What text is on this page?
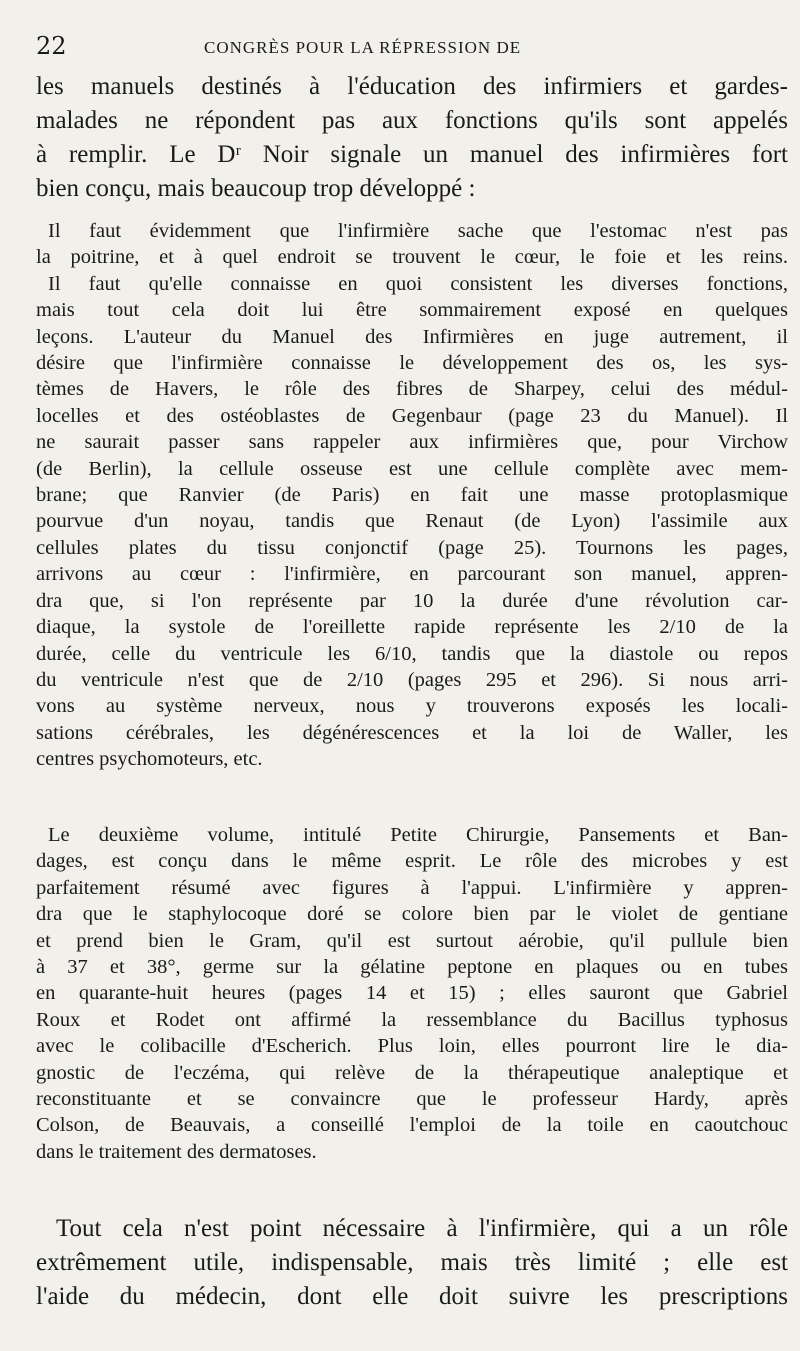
22	CONGRÈS POUR LA RÉPRESSION DE
les manuels destinés à l'éducation des infirmiers et gardes-
malades ne répondent pas aux fonctions qu'ils sont appelés
à remplir. Le Dʳ Noir signale un manuel des infirmières fort
bien conçu, mais beaucoup trop développé :
Il faut évidemment que l'infirmière sache que l'estomac n'est pas
la poitrine, et à quel endroit se trouvent le cœur, le foie et les reins.
Il faut qu'elle connaisse en quoi consistent les diverses fonctions,
mais tout cela doit lui être sommairement exposé en quelques
leçons. L'auteur du Manuel des Infirmières en juge autrement, il
désire que l'infirmière connaisse le développement des os, les sys-
tèmes de Havers, le rôle des fibres de Sharpey, celui des médul-
locelles et des ostéoblastes de Gegenbaur (page 23 du Manuel). Il
ne saurait passer sans rappeler aux infirmières que, pour Virchow
(de Berlin), la cellule osseuse est une cellule complète avec mem-
brane; que Ranvier (de Paris) en fait une masse protoplasmique
pourvue d'un noyau, tandis que Renaut (de Lyon) l'assimile aux
cellules plates du tissu conjonctif (page 25). Tournons les pages,
arrivons au cœur : l'infirmière, en parcourant son manuel, appren-
dra que, si l'on représente par 10 la durée d'une révolution car-
diaque, la systole de l'oreillette rapide représente les 2/10 de la
durée, celle du ventricule les 6/10, tandis que la diastole ou repos
du ventricule n'est que de 2/10 (pages 295 et 296). Si nous arri-
vons au système nerveux, nous y trouverons exposés les locali-
sations cérébrales, les dégénérescences et la loi de Waller, les
centres psychomoteurs, etc.
Le deuxième volume, intitulé Petite Chirurgie, Pansements et Ban-
dages, est conçu dans le même esprit. Le rôle des microbes y est
parfaitement résumé avec figures à l'appui. L'infirmière y appren-
dra que le staphylocoque doré se colore bien par le violet de gentiane
et prend bien le Gram, qu'il est surtout aérobie, qu'il pullule bien
à 37 et 38°, germe sur la gélatine peptone en plaques ou en tubes
en quarante-huit heures (pages 14 et 15) ; elles sauront que Gabriel
Roux et Rodet ont affirmé la ressemblance du Bacillus typhosus
avec le colibacille d'Escherich. Plus loin, elles pourront lire le dia-
gnostic de l'eczéma, qui relève de la thérapeutique analeptique et
reconstituante et se convaincre que le professeur Hardy, après
Colson, de Beauvais, a conseillé l'emploi de la toile en caoutchouc
dans le traitement des dermatoses.
Tout cela n'est point nécessaire à l'infirmière, qui a un rôle
extrêmement utile, indispensable, mais très limité ; elle est
l'aide du médecin, dont elle doit suivre les prescriptions
